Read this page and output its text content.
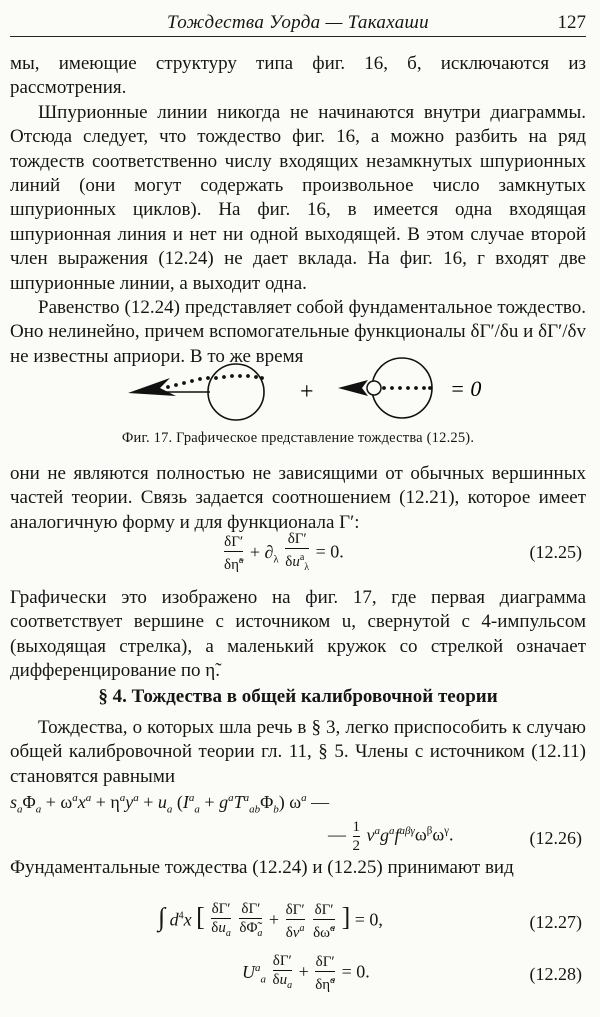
Тождества Уорда — Такахаши	127

мы, имеющие структуру типа фиг. 16, б, исключаются из рассмотрения.

Шпурионные линии никогда не начинаются внутри диаграммы. Отсюда следует, что тождество фиг. 16, а можно разбить на ряд тождеств соответственно числу входящих незамкнутых шпурионных линий (они могут содержать произвольное число замкнутых шпурионных циклов). На фиг. 16, в имеется одна входящая шпурионная линия и нет ни одной выходящей. В этом случае второй член выражения (12.24) не дает вклада. На фиг. 16, г входят две шпурионные линии, а выходит одна.

Равенство (12.24) представляет собой фундаментальное тождество. Оно нелинейно, причем вспомогательные функционалы δΓ′/δu и δΓ′/δv не известны априори. В то же время

+	= 0
Фиг. 17. Графическое представление тождества (12.25).

они не являются полностью не зависящими от обычных вершинных частей теории. Связь задается соотношением (12.21), которое имеет аналогичную форму и для функционала Γ′:

$\frac{\delta\Gamma'}{\delta\etã^a} + \partial_\lambda \frac{\delta\Gamma'}{\delta u^a_\lambda} = 0$.	(12.25)

Графически это изображено на фиг. 17, где первая диаграмма соответствует вершине с источником u, свернутой с 4-импульсом (выходящая стрелка), а маленький кружок со стрелкой означает дифференцирование по η̃.

§ 4. Тождества в общей калибровочной теории

Тождества, о которых шла речь в § 3, легко приспособить к случаю общей калибровочной теории гл. 11, § 5. Члены с источником (12.11) становятся равными

$s_a\Phi_a + \omega^ax^a + \eta^ay^a + u_a$ $(I^a_a + g^aT^a_{ab}\Phi_b)$ $\omega^a$ —
— $\frac{1}{2} v^ag^af^{a\beta\gamma}\omega^\beta\omega^\gamma$.	(12.26)

Фундаментальные тождества (12.24) и (12.25) принимают вид

∫ $d^4x$ [ $\frac{\delta\Gamma'}{\delta u_a}$
$\frac{\delta\Gamma'}{\delta\Phĩ_a} + \frac{\delta\Gamma'}{\delta v^a}$
$\frac{\delta\Gamma'}{\delta\omegã^a}$ ] = 0,	(12.27)
$U^a_a \frac{\delta\Gamma'}{\delta u_a} + \frac{\delta\Gamma'}{\delta\etã^a} = 0$.	(12.28)
